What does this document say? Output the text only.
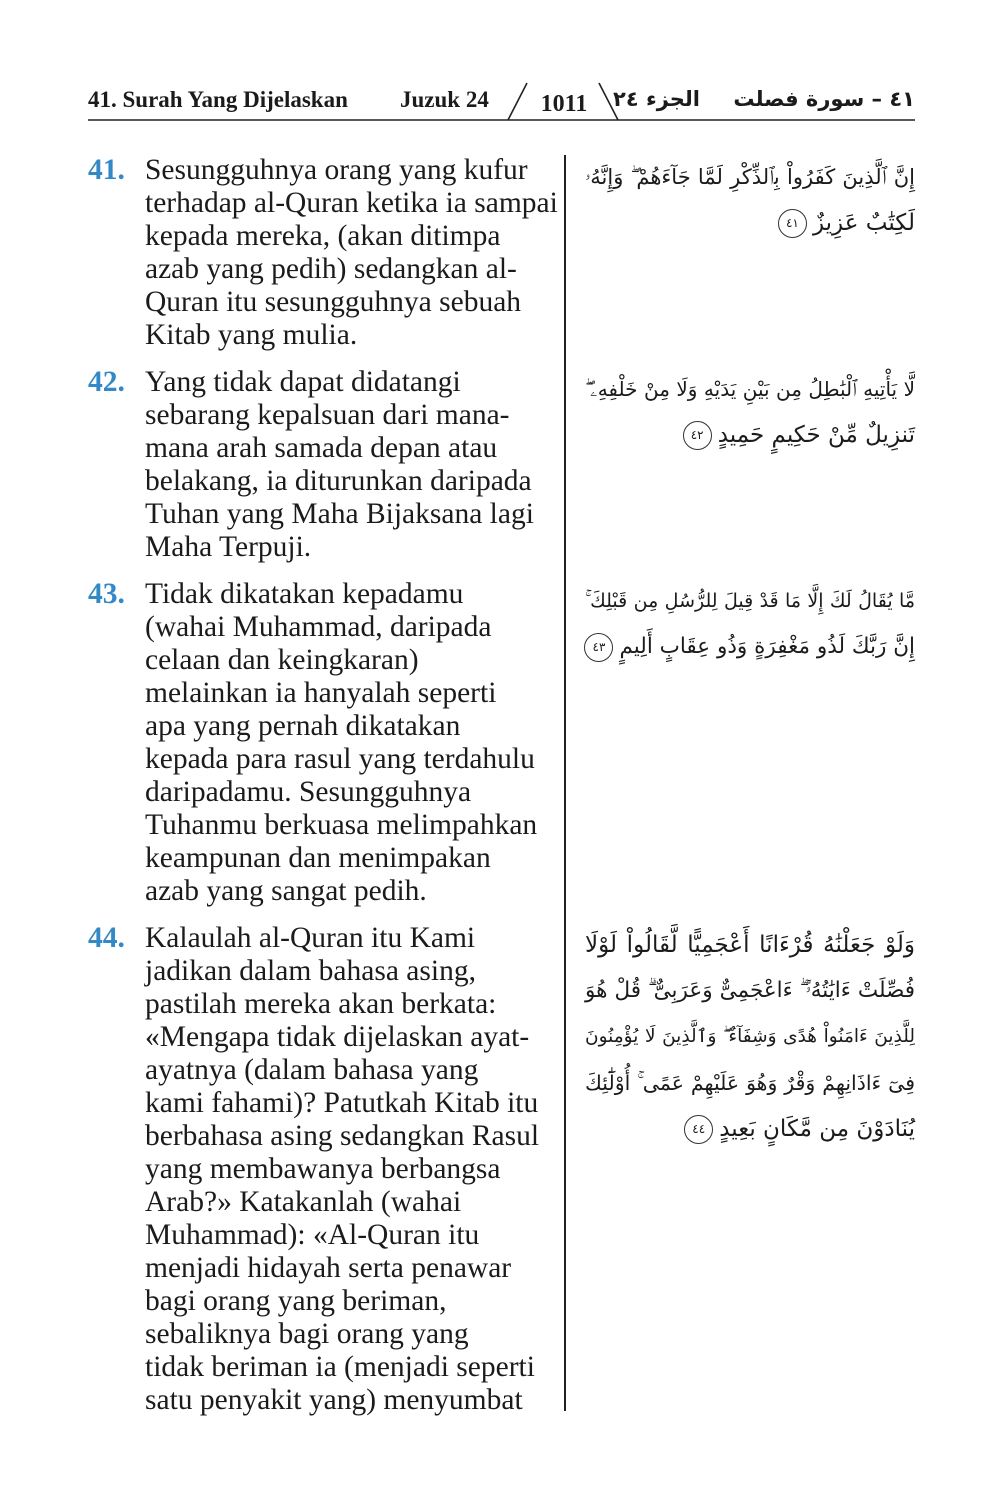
41. Surah Yang Dijelaskan Juzuk 24	1011	الجزء ٢٤ ٤١ – سورة فصلت
41. Sesungguhnya orang yang kufur
terhadap al-Quran ketika ia sampai
kepada mereka, (akan ditimpa
azab yang pedih) sedangkan al-
Quran itu sesungguhnya sebuah
Kitab yang mulia.
إِنَّ ٱلَّذِينَ كَفَرُواْ بِٱلذِّكْرِ لَمَّا جَآءَهُمْ ۖ وَإِنَّهُۥ
لَكِتَٰبٌ عَزِيزٌ٤١
42. Yang tidak dapat didatangi
sebarang kepalsuan dari mana-
mana arah samada depan atau
belakang, ia diturunkan daripada
Tuhan yang Maha Bijaksana lagi
Maha Terpuji.
لَّا يَأْتِيهِ ٱلْبَٰطِلُ مِن بَيْنِ يَدَيْهِ وَلَا مِنْ خَلْفِهِۦ ۖ
تَنزِيلٌ مِّنْ حَكِيمٍ حَمِيدٍ٤٢
43. Tidak dikatakan kepadamu
(wahai Muhammad, daripada
celaan dan keingkaran)
melainkan ia hanyalah seperti
apa yang pernah dikatakan
kepada para rasul yang terdahulu
daripadamu. Sesungguhnya
Tuhanmu berkuasa melimpahkan
keampunan dan menimpakan
azab yang sangat pedih.
مَّا يُقَالُ لَكَ إِلَّا مَا قَدْ قِيلَ لِلرُّسُلِ مِن قَبْلِكَ ۚ
إِنَّ رَبَّكَ لَذُو مَغْفِرَةٍ وَذُو عِقَابٍ أَلِيمٍ٤٣
44. Kalaulah al-Quran itu Kami
jadikan dalam bahasa asing,
pastilah mereka akan berkata:
«Mengapa tidak dijelaskan ayat-
ayatnya (dalam bahasa yang
kami fahami)? Patutkah Kitab itu
berbahasa asing sedangkan Rasul
yang membawanya berbangsa
Arab?» Katakanlah (wahai
Muhammad): «Al-Quran itu
menjadi hidayah serta penawar
bagi orang yang beriman,
sebaliknya bagi orang yang
tidak beriman ia (menjadi seperti
satu penyakit yang) menyumbat
وَلَوْ جَعَلْنَٰهُ قُرْءَانًا أَعْجَمِيًّا لَّقَالُواْ لَوْلَا
فُصِّلَتْ ءَايَٰتُهُۥٓ ۖ ءَاعْجَمِىٌّ وَعَرَبِىٌّ ۗ قُلْ هُوَ
لِلَّذِينَ ءَامَنُواْ هُدًى وَشِفَآءٌ ۖ وَٱلَّذِينَ لَا يُؤْمِنُونَ
فِىٓ ءَاذَانِهِمْ وَقْرٌ وَهُوَ عَلَيْهِمْ عَمًى ۚ أُوْلَٰٓئِكَ
يُنَادَوْنَ مِن مَّكَانٍ بَعِيدٍ٤٤
